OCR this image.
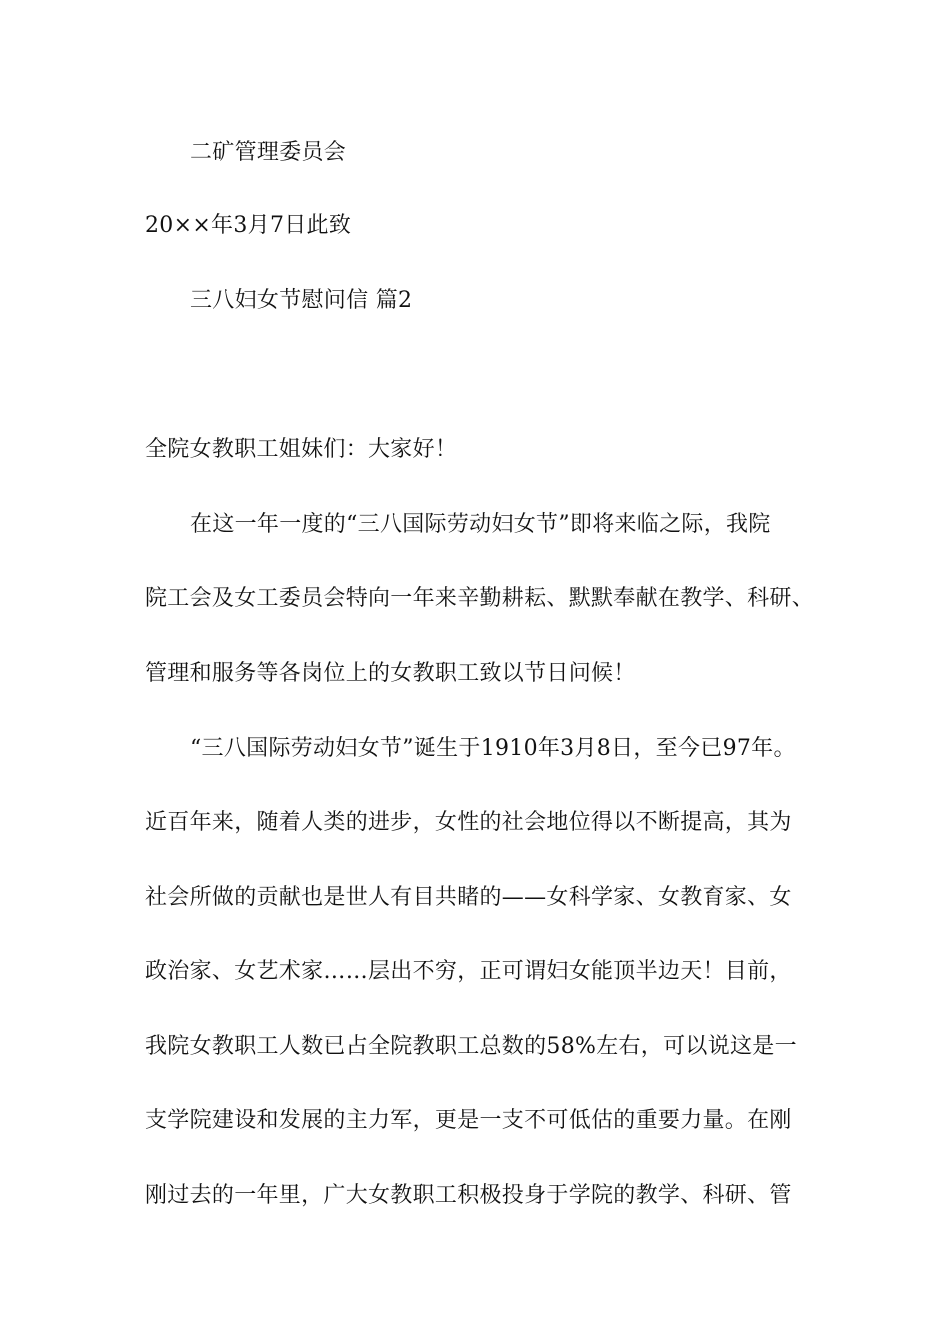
二矿管理委员会
20××年3月7日此致
三八妇女节慰问信 篇2
全院女教职工姐妹们：大家好！
在这一年一度的“三八国际劳动妇女节”即将来临之际，我院
院工会及女工委员会特向一年来辛勤耕耘、默默奉献在教学、科研、
管理和服务等各岗位上的女教职工致以节日问候！
“三八国际劳动妇女节”诞生于1910年3月8日，至今已97年。
近百年来，随着人类的进步，女性的社会地位得以不断提高，其为
社会所做的贡献也是世人有目共睹的——女科学家、女教育家、女
政治家、女艺术家……层出不穷，正可谓妇女能顶半边天！目前，
我院女教职工人数已占全院教职工总数的58%左右，可以说这是一
支学院建设和发展的主力军，更是一支不可低估的重要力量。在刚
刚过去的一年里，广大女教职工积极投身于学院的教学、科研、管
